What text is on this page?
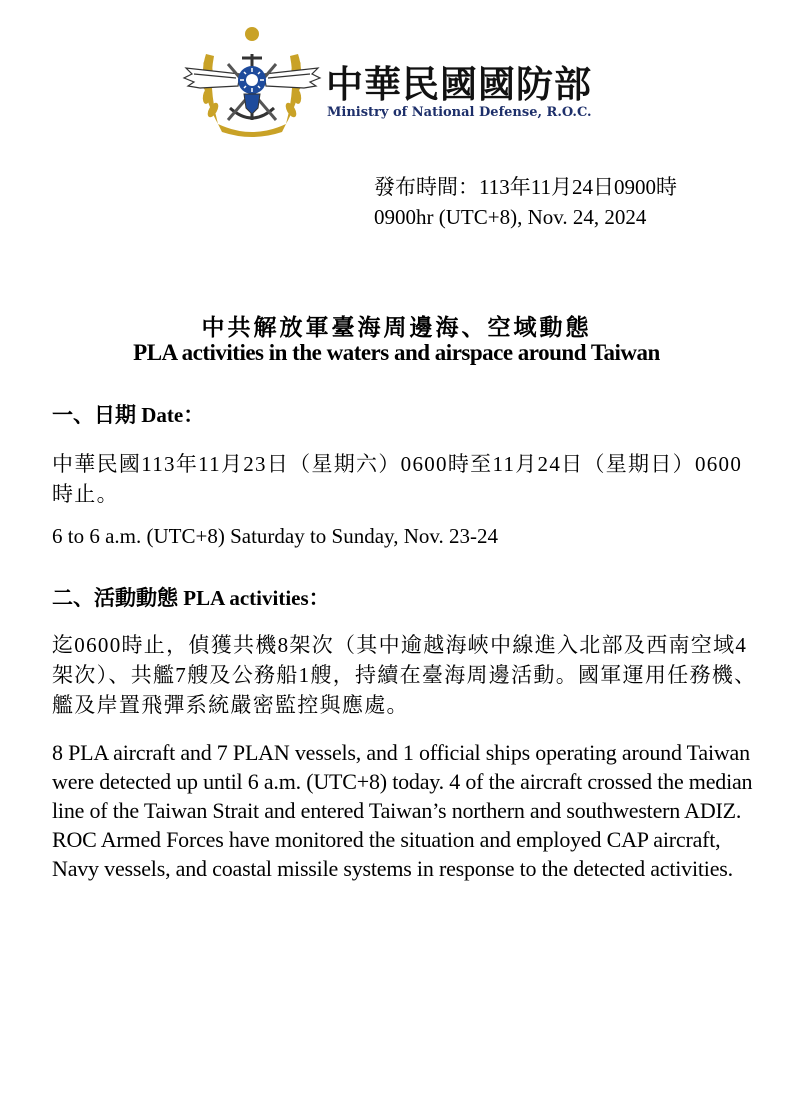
中華民國國防部
Ministry of National Defense, R.O.C.
發布時間：113年11月24日0900時
0900hr (UTC+8), Nov. 24, 2024
中共解放軍臺海周邊海、空域動態
PLA activities in the waters and airspace around Taiwan
一、日期 Date：
中華民國113年11月23日（星期六）0600時至11月24日（星期日）0600時止。
6 to 6 a.m. (UTC+8) Saturday to Sunday, Nov. 23-24
二、活動動態 PLA activities：
迄0600時止，偵獲共機8架次（其中逾越海峽中線進入北部及西南空域4架次）、共艦7艘及公務船1艘，持續在臺海周邊活動。國軍運用任務機、艦及岸置飛彈系統嚴密監控與應處。
8 PLA aircraft and 7 PLAN vessels, and 1 official ships operating around Taiwan were detected up until 6 a.m. (UTC+8) today. 4 of the aircraft crossed the median line of the Taiwan Strait and entered Taiwan’s northern and southwestern ADIZ. ROC Armed Forces have monitored the situation and employed CAP aircraft, Navy vessels, and coastal missile systems in response to the detected activities.
